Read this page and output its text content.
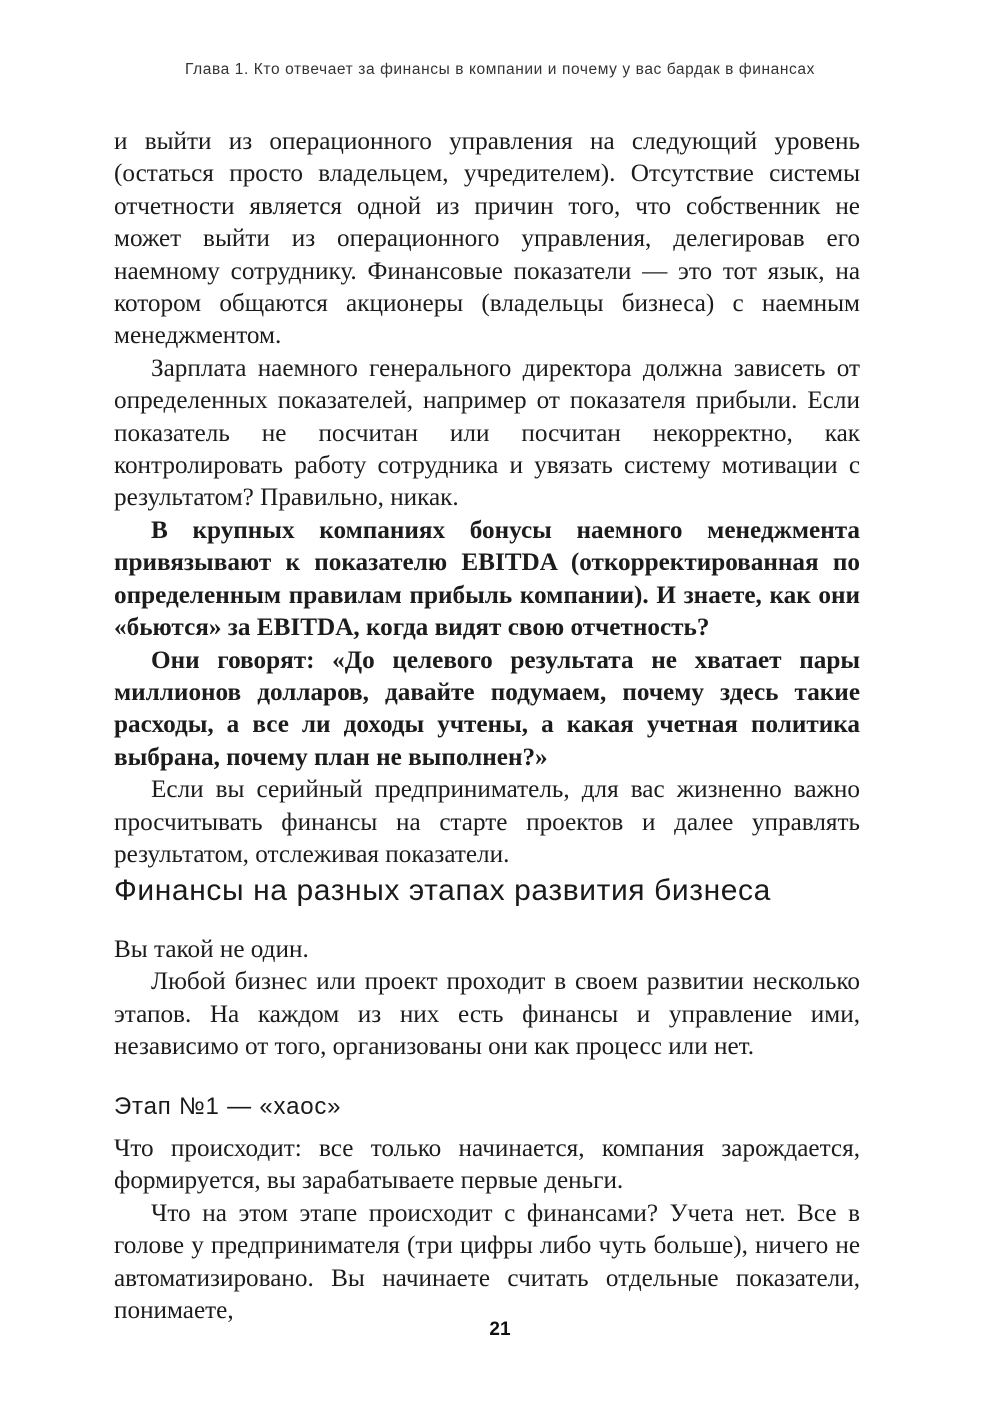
Глава 1. Кто отвечает за финансы в компании и почему у вас бардак в финансах

и выйти из операционного управления на следующий уровень (остаться просто владельцем, учредителем). Отсутствие системы отчетности является одной из причин того, что собственник не может выйти из операционного управления, делегировав его наемному сотруднику. Финансовые показатели — это тот язык, на котором общаются акционеры (владельцы бизнеса) с наемным менеджментом.

Зарплата наемного генерального директора должна зависеть от определенных показателей, например от показателя прибыли. Если показатель не посчитан или посчитан некорректно, как контролировать работу сотрудника и увязать систему мотивации с результатом? Правильно, никак.

В крупных компаниях бонусы наемного менеджмента привязывают к показателю EBITDA (откорректированная по определенным правилам прибыль компании). И знаете, как они «бьются» за EBITDA, когда видят свою отчетность?

Они говорят: «До целевого результата не хватает пары миллионов долларов, давайте подумаем, почему здесь такие расходы, а все ли доходы учтены, а какая учетная политика выбрана, почему план не выполнен?»

Если вы серийный предприниматель, для вас жизненно важно просчитывать финансы на старте проектов и далее управлять результатом, отслеживая показатели.

Финансы на разных этапах развития бизнеса

Вы такой не один.

Любой бизнес или проект проходит в своем развитии несколько этапов. На каждом из них есть финансы и управление ими, независимо от того, организованы они как процесс или нет.

Этап №1 — «хаос»

Что происходит: все только начинается, компания зарождается, формируется, вы зарабатываете первые деньги.

Что на этом этапе происходит с финансами? Учета нет. Все в голове у предпринимателя (три цифры либо чуть больше), ничего не автоматизировано. Вы начинаете считать отдельные показатели, понимаете,

21
